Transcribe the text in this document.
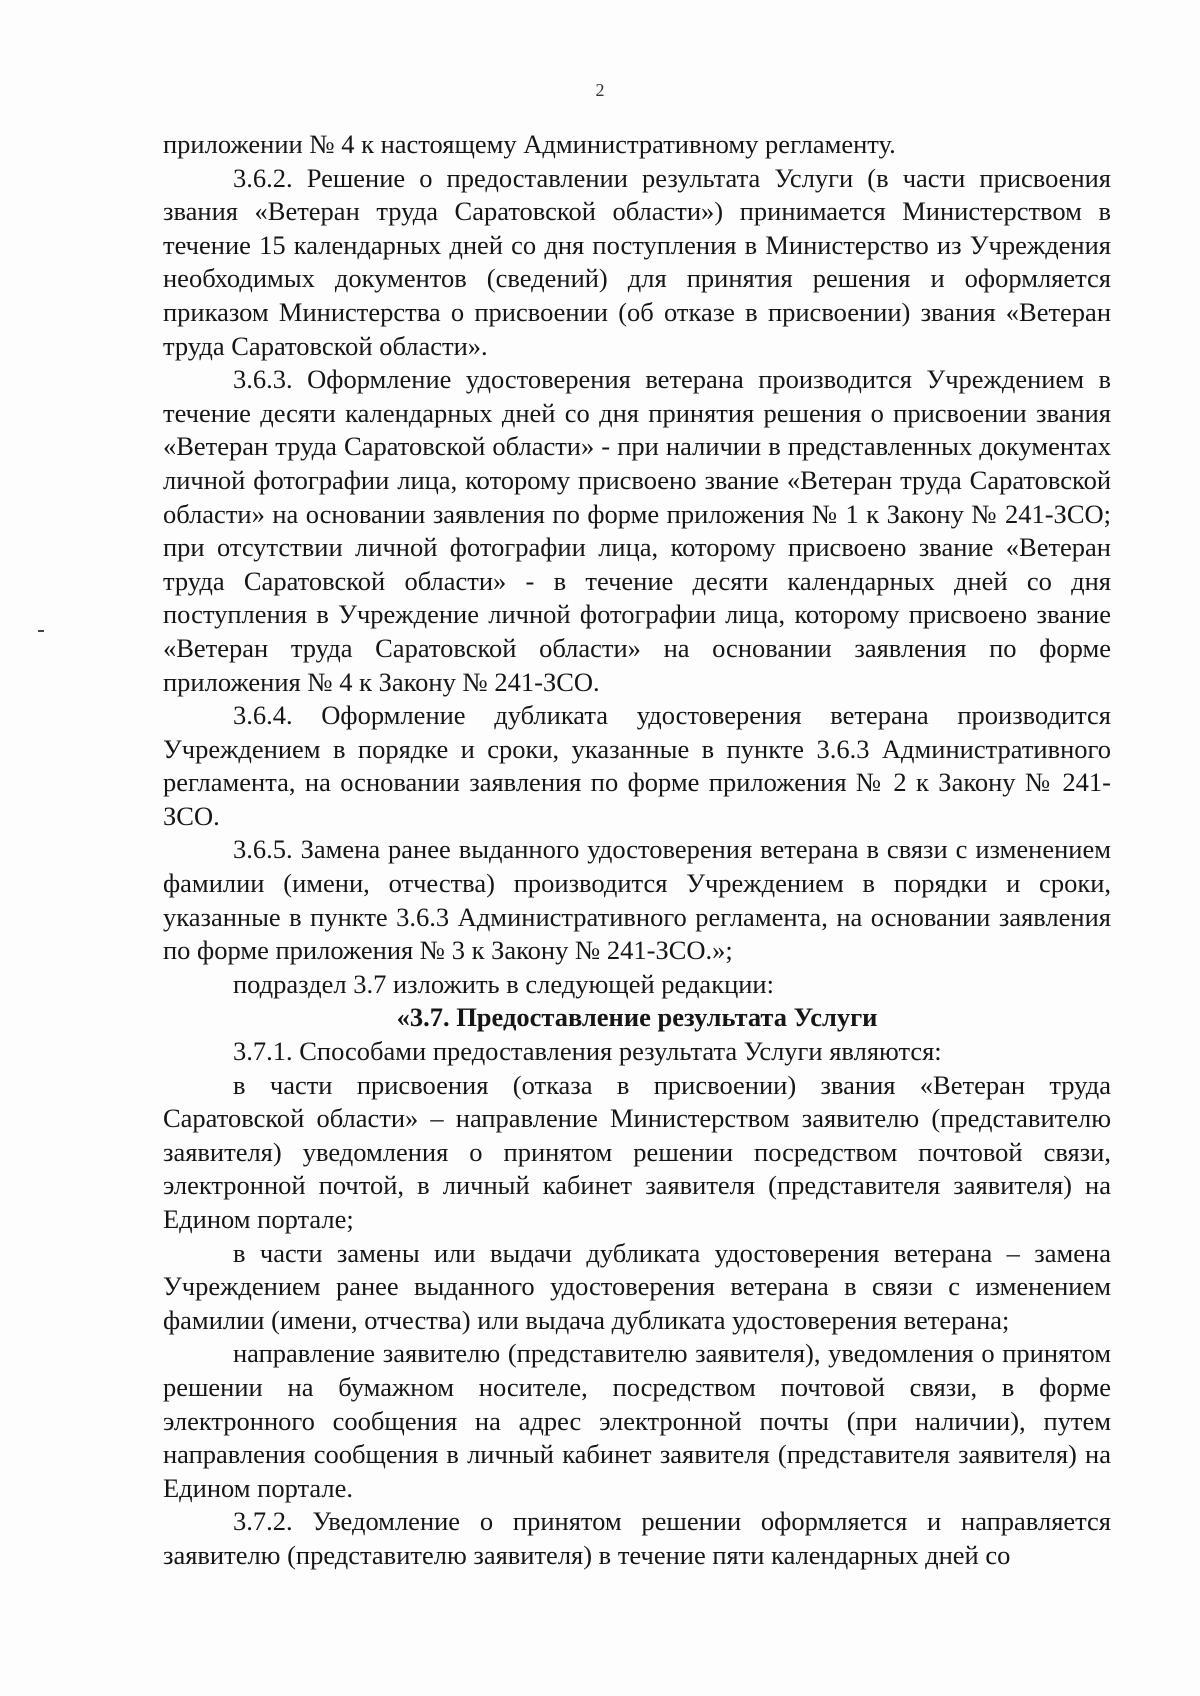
2

приложении № 4 к настоящему Административному регламенту.

3.6.2. Решение о предоставлении результата Услуги (в части присвоения звания «Ветеран труда Саратовской области») принимается Министерством в течение 15 календарных дней со дня поступления в Министерство из Учреждения необходимых документов (сведений) для принятия решения и оформляется приказом Министерства о присвоении (об отказе в присвоении) звания «Ветеран труда Саратовской области».

3.6.3. Оформление удостоверения ветерана производится Учреждением в течение десяти календарных дней со дня принятия решения о присвоении звания «Ветеран труда Саратовской области» - при наличии в представленных документах личной фотографии лица, которому присвоено звание «Ветеран труда Саратовской области» на основании заявления по форме приложения № 1 к Закону № 241-ЗСО; при отсутствии личной фотографии лица, которому присвоено звание «Ветеран труда Саратовской области» - в течение десяти календарных дней со дня поступления в Учреждение личной фотографии лица, которому присвоено звание «Ветеран труда Саратовской области» на основании заявления по форме приложения № 4 к Закону № 241-ЗСО.

3.6.4. Оформление дубликата удостоверения ветерана производится Учреждением в порядке и сроки, указанные в пункте 3.6.3 Административного регламента, на основании заявления по форме приложения № 2 к Закону № 241-ЗСО.

3.6.5. Замена ранее выданного удостоверения ветерана в связи с изменением фамилии (имени, отчества) производится Учреждением в порядки и сроки, указанные в пункте 3.6.3 Административного регламента, на основании заявления по форме приложения № 3 к Закону № 241-ЗСО.»;

подраздел 3.7 изложить в следующей редакции:

«3.7. Предоставление результата Услуги

3.7.1. Способами предоставления результата Услуги являются:

в части присвоения (отказа в присвоении) звания «Ветеран труда Саратовской области» – направление Министерством заявителю (представителю заявителя) уведомления о принятом решении посредством почтовой связи, электронной почтой, в личный кабинет заявителя (представителя заявителя) на Едином портале;

в части замены или выдачи дубликата удостоверения ветерана – замена Учреждением ранее выданного удостоверения ветерана в связи с изменением фамилии (имени, отчества) или выдача дубликата удостоверения ветерана;

направление заявителю (представителю заявителя), уведомления о принятом решении на бумажном носителе, посредством почтовой связи, в форме электронного сообщения на адрес электронной почты (при наличии), путем направления сообщения в личный кабинет заявителя (представителя заявителя) на Едином портале.

3.7.2. Уведомление о принятом решении оформляется и направляется заявителю (представителю заявителя) в течение пяти календарных дней со
